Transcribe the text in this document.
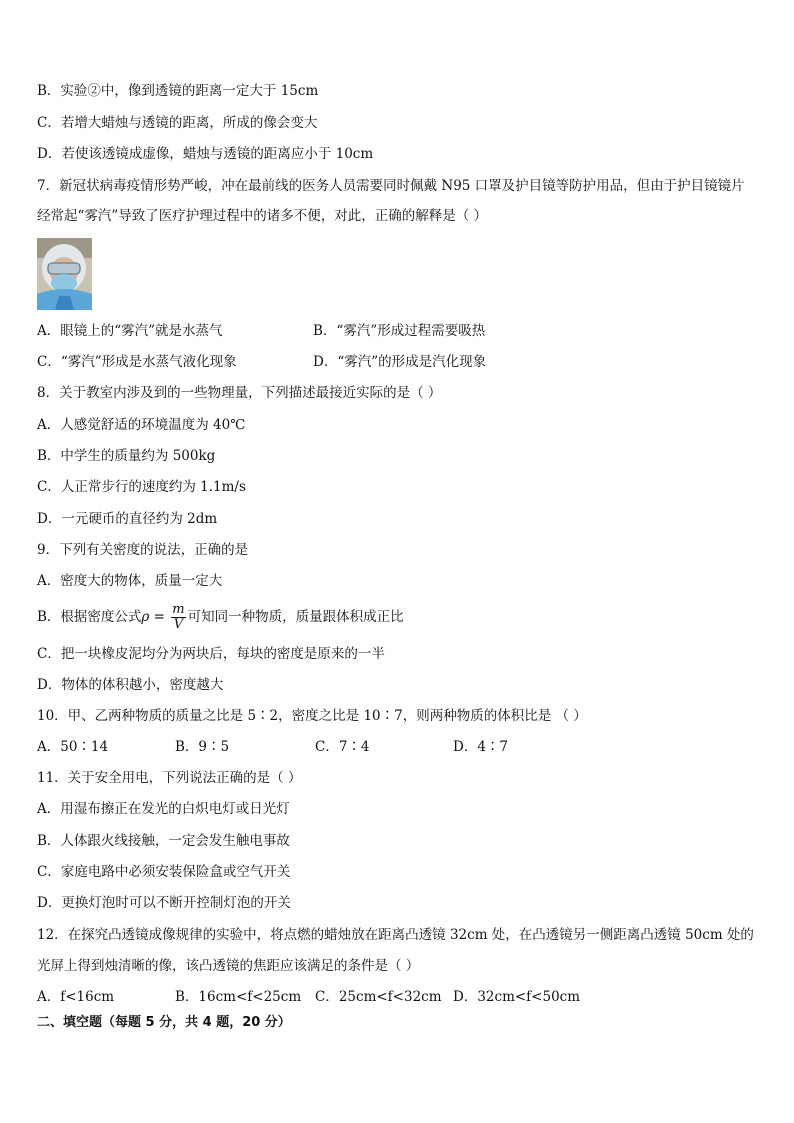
B．实验②中，像到透镜的距离一定大于 15cm
C．若增大蜡烛与透镜的距离，所成的像会变大
D．若使该透镜成虚像，蜡烛与透镜的距离应小于 10cm
7．新冠状病毒疫情形势严峻，冲在最前线的医务人员需要同时佩戴 N95 口罩及护目镜等防护用品，但由于护目镜镜片
经常起“雾汽”导致了医疗护理过程中的诸多不便，对此，正确的解释是（ ）
A．眼镜上的“雾汽”就是水蒸气	B．“雾汽”形成过程需要吸热
C．“雾汽”形成是水蒸气液化现象	D．“雾汽”的形成是汽化现象
8．关于教室内涉及到的一些物理量，下列描述最接近实际的是（ ）
A．人感觉舒适的环境温度为 40℃
B．中学生的质量约为 500kg
C．人正常步行的速度约为 1.1m/s
D．一元硬币的直径约为 2dm
9．下列有关密度的说法，正确的是
A．密度大的物体，质量一定大
B．根据密度公式$\rho = \frac{m}{V}$ 可知同一种物质，质量跟体积成正比
C．把一块橡皮泥均分为两块后，每块的密度是原来的一半
D．物体的体积越小，密度越大
10．甲、乙两种物质的质量之比是 5∶2，密度之比是 10∶7，则两种物质的体积比是 （ ）
A．50∶14	B．9∶5	C．7∶4	D．4∶7
11．关于安全用电，下列说法正确的是（ ）
A．用湿布擦正在发光的白炽电灯或日光灯
B．人体跟火线接触，一定会发生触电事故
C．家庭电路中必须安装保险盒或空气开关
D．更换灯泡时可以不断开控制灯泡的开关
12．在探究凸透镜成像规律的实验中，将点燃的蜡烛放在距离凸透镜 32cm 处，在凸透镜另一侧距离凸透镜 50cm 处的
光屏上得到烛清晰的像，该凸透镜的焦距应该满足的条件是（ ）
A．f<16cm	B．16cm<f<25cm C．25cm<f<32cm D．32cm<f<50cm
二、填空题（每题 5 分，共 4 题，20 分）
